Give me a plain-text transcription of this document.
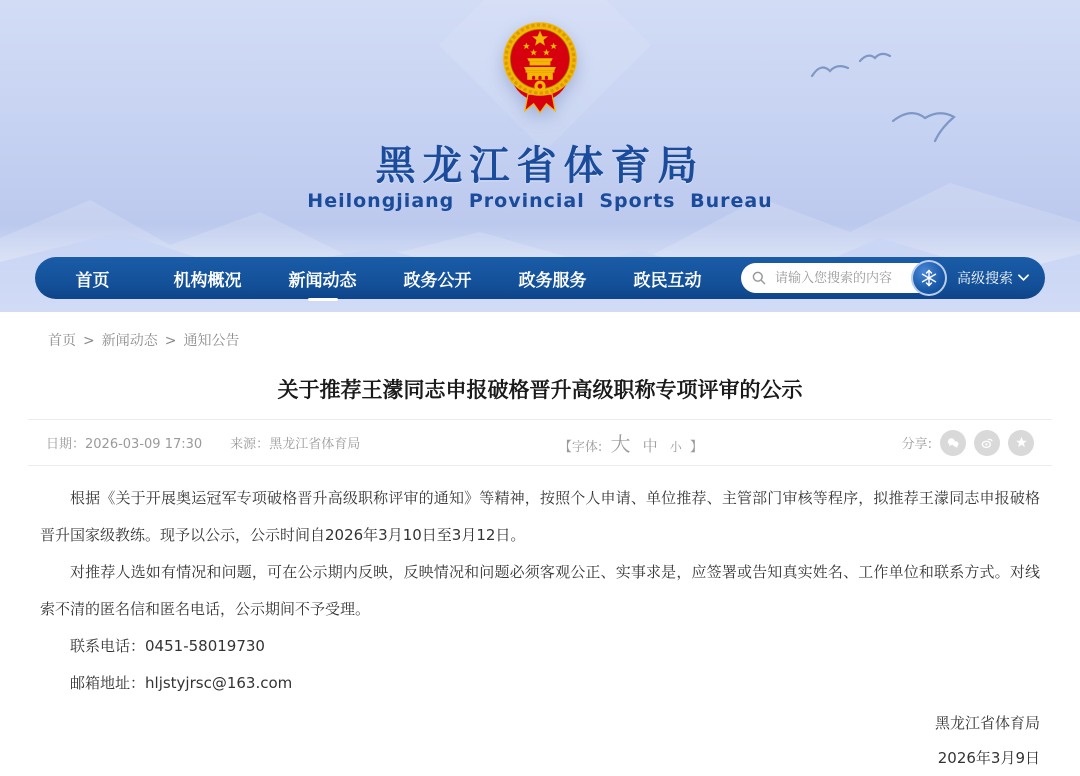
黑龙江省体育局
Heilongjiang Provincial Sports Bureau
首页	机构概况	新闻动态	政务公开	政务服务	政民互动
请输入您搜索的内容	高级搜索
首页 > 新闻动态 > 通知公告
关于推荐王濛同志申报破格晋升高级职称专项评审的公示
日期：2026-03-09 17:30 来源：黑龙江省体育局	【字体: 大 中 小 】	分享:

根据《关于开展奥运冠军专项破格晋升高级职称评审的通知》等精神，按照个人申请、单位推荐、主管部门审核等程序，拟推荐王濛同志申报破格晋升国家级教练。现予以公示，公示时间自2026年3月10日至3月12日。

对推荐人选如有情况和问题，可在公示期内反映，反映情况和问题必须客观公正、实事求是，应签署或告知真实姓名、工作单位和联系方式。对线索不清的匿名信和匿名电话，公示期间不予受理。

联系电话：0451-58019730

邮箱地址：hljstyjrsc@163.com

黑龙江省体育局
2026年3月9日
